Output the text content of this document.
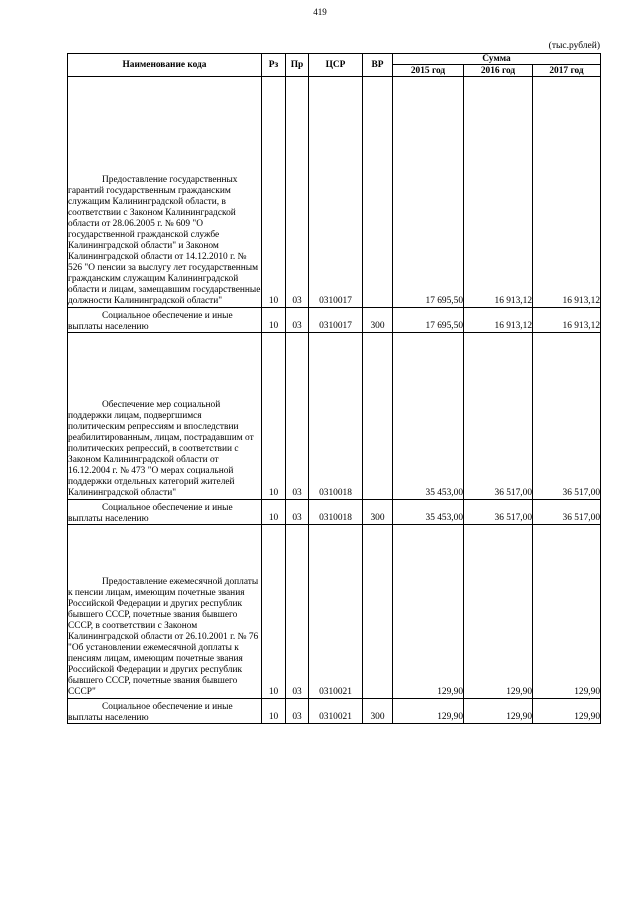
419
(тыс.рублей)
Наименование кода	Рз	Пр	ЦСР	ВР	Сумма		
					2015 год	2016 год	2017 год
Предоставление государственных гарантий государственным гражданским служащим Калининградской области, в соответствии с Законом Калининградской области от 28.06.2005 г. № 609 "О государственной гражданской службе Калининградской области" и Законом Калининградской области от 14.12.2010 г. № 526 "О пенсии за выслугу лет государственным гражданским служащим Калининградской области и лицам, замещавшим государственные должности Калининградской области"	10	03	0310017		17 695,50	16 913,12	16 913,12
Социальное обеспечение и иные выплаты населению	10	03	0310017	300	17 695,50	16 913,12	16 913,12
Обеспечение мер социальной поддержки лицам, подвергшимся политическим репрессиям и впоследствии реабилитированным, лицам, пострадавшим от политических репрессий, в соответствии с Законом Калининградской области от 16.12.2004 г. № 473 "О мерах социальной поддержки отдельных категорий жителей Калининградской области"	10	03	0310018		35 453,00	36 517,00	36 517,00
Социальное обеспечение и иные выплаты населению	10	03	0310018	300	35 453,00	36 517,00	36 517,00
Предоставление ежемесячной доплаты к пенсии лицам, имеющим почетные звания Российской Федерации и других республик бывшего СССР, почетные звания бывшего СССР, в соответствии с Законом Калининградской области от 26.10.2001 г. № 76 "Об установлении ежемесячной доплаты к пенсиям лицам, имеющим почетные звания Российской Федерации и других республик бывшего СССР, почетные звания бывшего СССР"	10	03	0310021		129,90	129,90	129,90
Социальное обеспечение и иные выплаты населению	10	03	0310021	300	129,90	129,90	129,90
